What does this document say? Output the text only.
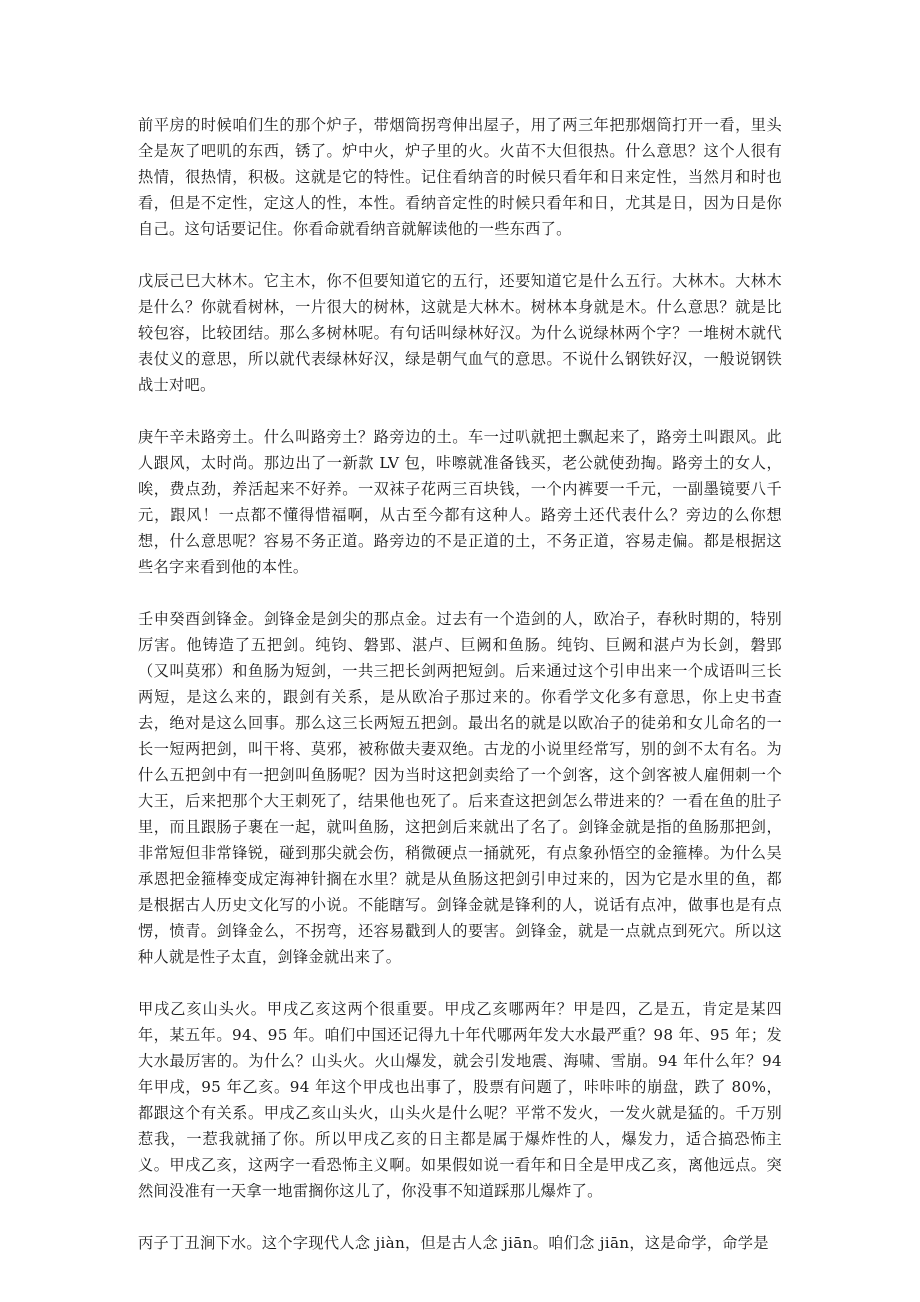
前平房的时候咱们生的那个炉子，带烟筒拐弯伸出屋子，用了两三年把那烟筒打开一看，里头全是灰了吧叽的东西，锈了。炉中火，炉子里的火。火苗不大但很热。什么意思？这个人很有热情，很热情，积极。这就是它的特性。记住看纳音的时候只看年和日来定性，当然月和时也看，但是不定性，定这人的性，本性。看纳音定性的时候只看年和日，尤其是日，因为日是你自己。这句话要记住。你看命就看纳音就解读他的一些东西了。

戊辰己巳大林木。它主木，你不但要知道它的五行，还要知道它是什么五行。大林木。大林木是什么？你就看树林，一片很大的树林，这就是大林木。树林本身就是木。什么意思？就是比较包容，比较团结。那么多树林呢。有句话叫绿林好汉。为什么说绿林两个字？一堆树木就代表仗义的意思，所以就代表绿林好汉，绿是朝气血气的意思。不说什么钢铁好汉，一般说钢铁战士对吧。

庚午辛未路旁土。什么叫路旁土？路旁边的土。车一过叭就把土飘起来了，路旁土叫跟风。此人跟风，太时尚。那边出了一新款 LV 包，咔嚓就准备钱买，老公就使劲掏。路旁土的女人，唉，费点劲，养活起来不好养。一双袜子花两三百块钱，一个内裤要一千元，一副墨镜要八千元，跟风！一点都不懂得惜福啊，从古至今都有这种人。路旁土还代表什么？旁边的么你想想，什么意思呢？容易不务正道。路旁边的不是正道的土，不务正道，容易走偏。都是根据这些名字来看到他的本性。

壬申癸酉剑锋金。剑锋金是剑尖的那点金。过去有一个造剑的人，欧冶子，春秋时期的，特别厉害。他铸造了五把剑。纯钧、磐郢、湛卢、巨阙和鱼肠。纯钧、巨阙和湛卢为长剑，磐郢（又叫莫邪）和鱼肠为短剑，一共三把长剑两把短剑。后来通过这个引申出来一个成语叫三长两短，是这么来的，跟剑有关系，是从欧冶子那过来的。你看学文化多有意思，你上史书查去，绝对是这么回事。那么这三长两短五把剑。最出名的就是以欧冶子的徒弟和女儿命名的一长一短两把剑，叫干将、莫邪，被称做夫妻双绝。古龙的小说里经常写，别的剑不太有名。为什么五把剑中有一把剑叫鱼肠呢？因为当时这把剑卖给了一个剑客，这个剑客被人雇佣刺一个大王，后来把那个大王刺死了，结果他也死了。后来查这把剑怎么带进来的？一看在鱼的肚子里，而且跟肠子裹在一起，就叫鱼肠，这把剑后来就出了名了。剑锋金就是指的鱼肠那把剑，非常短但非常锋锐，碰到那尖就会伤，稍微硬点一捅就死，有点象孙悟空的金箍棒。为什么吴承恩把金箍棒变成定海神针搁在水里？就是从鱼肠这把剑引申过来的，因为它是水里的鱼，都是根据古人历史文化写的小说。不能瞎写。剑锋金就是锋利的人，说话有点冲，做事也是有点愣，愤青。剑锋金么，不拐弯，还容易戳到人的要害。剑锋金，就是一点就点到死穴。所以这种人就是性子太直，剑锋金就出来了。

甲戌乙亥山头火。甲戌乙亥这两个很重要。甲戌乙亥哪两年？甲是四，乙是五，肯定是某四年，某五年。94、95 年。咱们中国还记得九十年代哪两年发大水最严重？98 年、95 年；发大水最厉害的。为什么？山头火。火山爆发，就会引发地震、海啸、雪崩。94 年什么年？94 年甲戌，95 年乙亥。94 年这个甲戌也出事了，股票有问题了，咔咔咔的崩盘，跌了 80%，都跟这个有关系。甲戌乙亥山头火，山头火是什么呢？平常不发火，一发火就是猛的。千万别惹我，一惹我就捅了你。所以甲戌乙亥的日主都是属于爆炸性的人，爆发力，适合搞恐怖主义。甲戌乙亥，这两字一看恐怖主义啊。如果假如说一看年和日全是甲戌乙亥，离他远点。突然间没准有一天拿一地雷搁你这儿了，你没事不知道踩那儿爆炸了。

丙子丁丑涧下水。这个字现代人念 jiàn，但是古人念 jiān。咱们念 jiān，这是命学，命学是
